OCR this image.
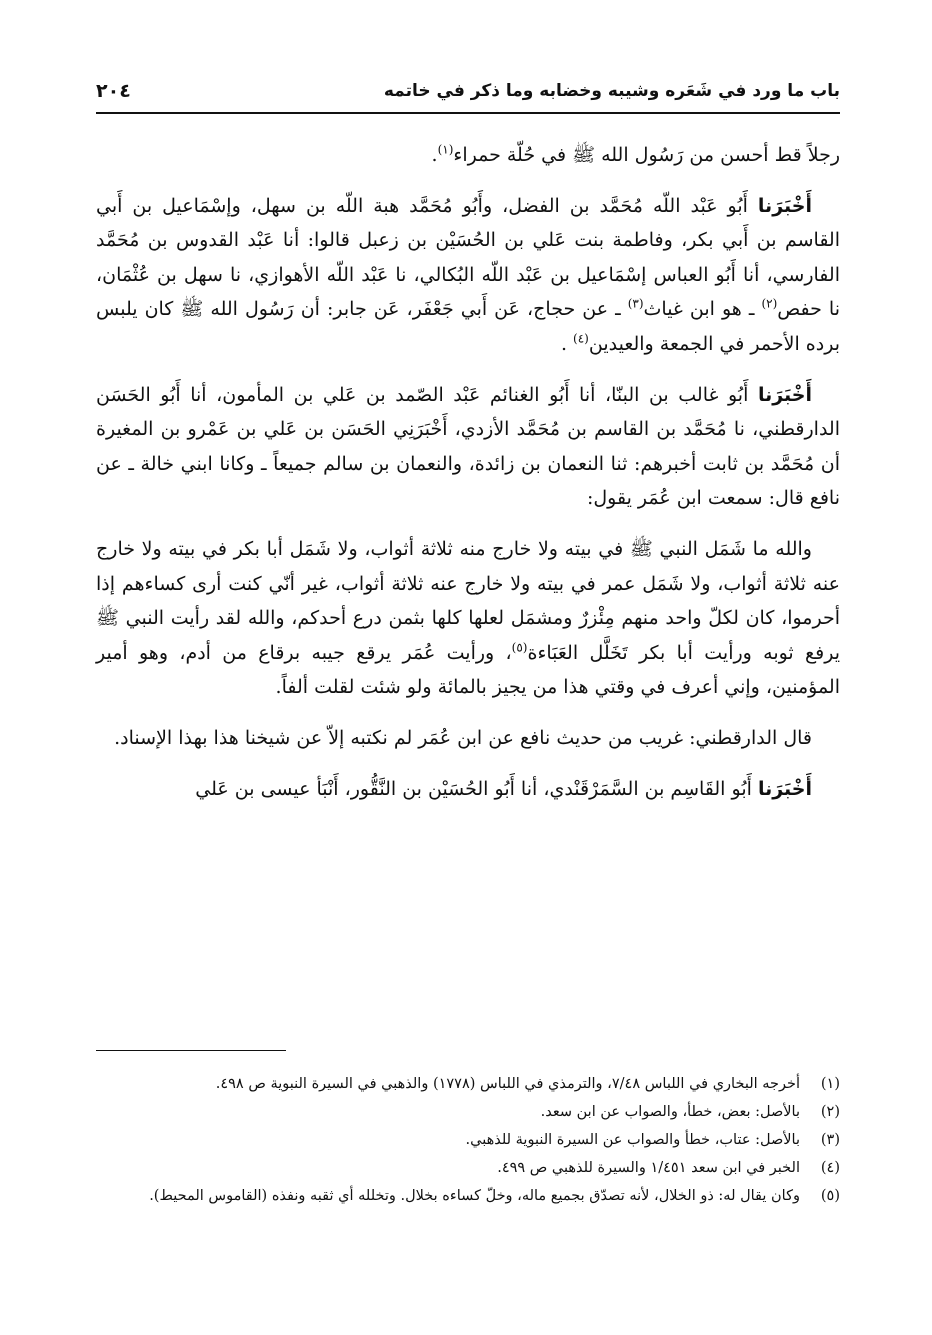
باب ما ورد في شَعَره وشيبه وخضابه وما ذكر في خاتمه
٢٠٤

رجلاً قط أحسن من رَسُول الله ﷺ في حُلّة حمراء$^{(١)}$.

أَخْبَرَنا أَبُو عَبْد اللّه مُحَمَّد بن الفضل، وأَبُو مُحَمَّد هبة اللّه بن سهل، وإسْمَاعيل بن أَبي القاسم بن أَبي بكر، وفاطمة بنت عَلي بن الحُسَيْن بن زعبل قالوا: أنا عَبْد القدوس بن مُحَمَّد الفارسي، أنا أَبُو العباس إسْمَاعيل بن عَبْد اللّه البُكالي، نا عَبْد اللّه الأهوازي، نا سهل بن عُثْمَان، نا حفص$^{(٢)}$ ـ هو ابن غياث$^{(٣)}$ ـ عن حجاج، عَن أَبي جَعْفَر، عَن جابر: أن رَسُول الله ﷺ كان يلبس برده الأحمر في الجمعة والعيدين$^{(٤)}$ .

أَخْبَرَنا أَبُو غالب بن البنّا، أنا أَبُو الغنائم عَبْد الصّمد بن عَلي بن المأمون، أنا أَبُو الحَسَن الدارقطني، نا مُحَمَّد بن القاسم بن مُحَمَّد الأزدي، أَخْبَرَنِي الحَسَن بن عَلي بن عَمْرو بن المغيرة أن مُحَمَّد بن ثابت أخبرهم: ثنا النعمان بن زائدة، والنعمان بن سالم جميعاً ـ وكانا ابني خالة ـ عن نافع قال: سمعت ابن عُمَر يقول:

والله ما شَمَل النبي ﷺ في بيته ولا خارج منه ثلاثة أثواب، ولا شَمَل أبا بكر في بيته ولا خارج عنه ثلاثة أثواب، ولا شَمَل عمر في بيته ولا خارج عنه ثلاثة أثواب، غير أنّي كنت أرى كساءهم إذا أحرموا، كان لكلّ واحد منهم مِئْزرٌ ومشمَل لعلها كلها بثمن درع أحدكم، والله لقد رأيت النبي ﷺ يرفع ثوبه ورأيت أبا بكر تَخَلَّل العَبَاءة$^{(٥)}$، ورأيت عُمَر يرقع جيبه برقاع من أدم، وهو أمير المؤمنين، وإني أعرف في وقتي هذا من يجيز بالمائة ولو شئت لقلت ألفاً.

قال الدارقطني: غريب من حديث نافع عن ابن عُمَر لم نكتبه إلاّ عن شيخنا هذا بهذا الإسناد.

أَخْبَرَنا أَبُو القَاسِم بن السَّمَرْقَنْدي، أنا أَبُو الحُسَيْن بن النَّقُّور، أَنْبَأ عيسى بن عَلي

(١)
أخرجه البخاري في اللباس ٧/٤٨، والترمذي في اللباس (١٧٧٨) والذهبي في السيرة النبوية ص ٤٩٨.
(٢)
بالأصل: بعض، خطأ، والصواب عن ابن سعد.
(٣)
بالأصل: عتاب، خطأ والصواب عن السيرة النبوية للذهبي.
(٤)
الخبر في ابن سعد ١/٤٥١ والسيرة للذهبي ص ٤٩٩.
(٥)
وكان يقال له: ذو الخلال، لأنه تصدّق بجميع ماله، وخلّ كساءه بخلال. وتخلله أي ثقبه ونفذه (القاموس المحيط).
